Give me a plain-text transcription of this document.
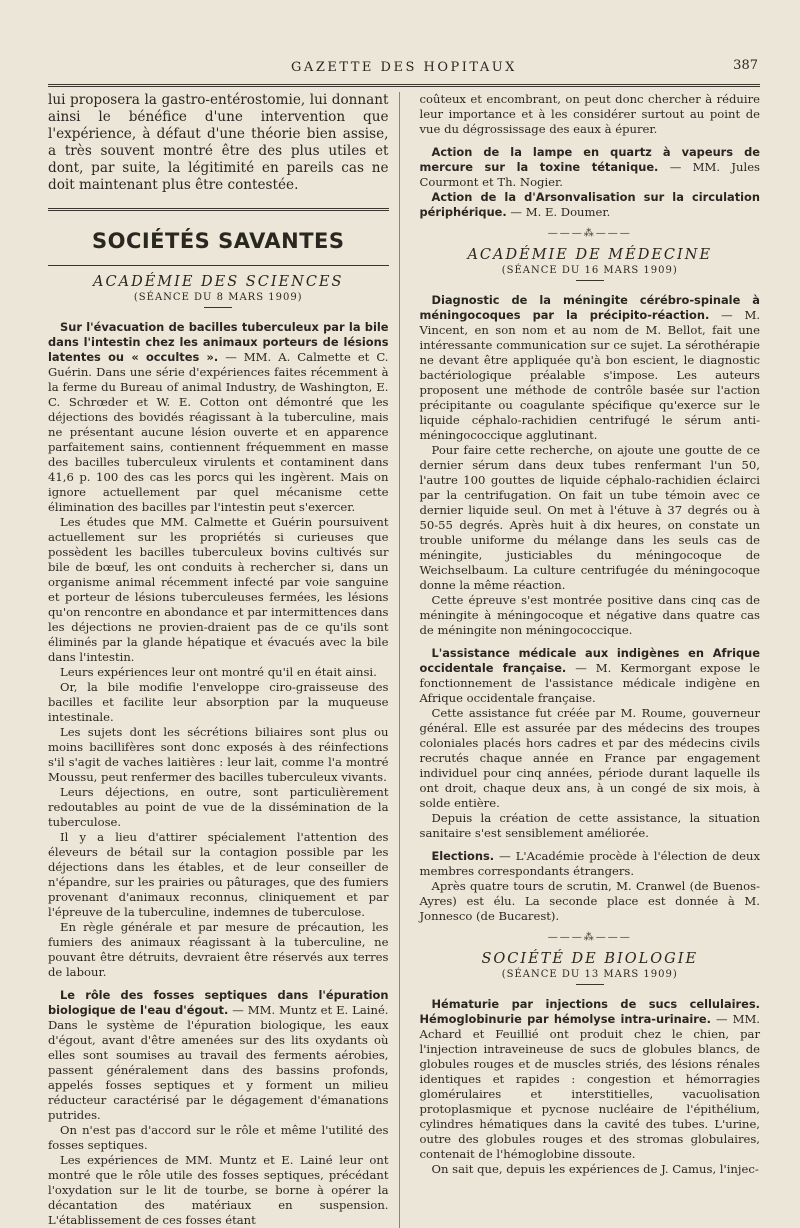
GAZETTE DES HOPITAUX	387

lui proposera la gastro-entérostomie, lui donnant ainsi le bénéfice d'une intervention que l'expérience, à défaut d'une théorie bien assise, a très souvent montré être des plus utiles et dont, par suite, la légitimité en pareils cas ne doit maintenant plus être contestée.

SOCIÉTÉS SAVANTES
ACADÉMIE DES SCIENCES
(SÉANCE DU 8 MARS 1909)

Sur l'évacuation de bacilles tuberculeux par la bile dans l'intestin chez les animaux porteurs de lésions latentes ou « occultes ». — MM. A. Calmette et C. Guérin. Dans une série d'expériences faites récemment à la ferme du Bureau of animal Industry, de Washington, E. C. Schrœder et W. E. Cotton ont démontré que les déjections des bovidés réagissant à la tuberculine, mais ne présentant aucune lésion ouverte et en apparence parfaitement sains, contiennent fréquemment en masse des bacilles tuberculeux virulents et contaminent dans 41,6 p. 100 des cas les porcs qui les ingèrent. Mais on ignore actuellement par quel mécanisme cette élimination des bacilles par l'intestin peut s'exercer.

Les études que MM. Calmette et Guérin poursuivent actuellement sur les propriétés si curieuses que possèdent les bacilles tuberculeux bovins cultivés sur bile de bœuf, les ont conduits à rechercher si, dans un organisme animal récemment infecté par voie sanguine et porteur de lésions tuberculeuses fermées, les lésions qu'on rencontre en abondance et par intermittences dans les déjections ne provien-draient pas de ce qu'ils sont éliminés par la glande hépatique et évacués avec la bile dans l'intestin.

Leurs expériences leur ont montré qu'il en était ainsi.

Or, la bile modifie l'enveloppe ciro-graisseuse des bacilles et facilite leur absorption par la muqueuse intestinale.

Les sujets dont les sécrétions biliaires sont plus ou moins bacillifères sont donc exposés à des réinfections s'il s'agit de vaches laitières : leur lait, comme l'a montré Moussu, peut renfermer des bacilles tuberculeux vivants.

Leurs déjections, en outre, sont particulièrement redoutables au point de vue de la dissémination de la tuberculose.

Il y a lieu d'attirer spécialement l'attention des éleveurs de bétail sur la contagion possible par les déjections dans les étables, et de leur conseiller de n'épandre, sur les prairies ou pâturages, que des fumiers provenant d'animaux reconnus, cliniquement et par l'épreuve de la tuberculine, indemnes de tuberculose.

En règle générale et par mesure de précaution, les fumiers des animaux réagissant à la tuberculine, ne pouvant être détruits, devraient être réservés aux terres de labour.

Le rôle des fosses septiques dans l'épuration biologique de l'eau d'égout. — MM. Muntz et E. Lainé. Dans le système de l'épuration biologique, les eaux d'égout, avant d'être amenées sur des lits oxydants où elles sont soumises au travail des ferments aérobies, passent généralement dans des bassins profonds, appelés fosses septiques et y forment un milieu réducteur caractérisé par le dégagement d'émanations putrides.

On n'est pas d'accord sur le rôle et même l'utilité des fosses septiques.

Les expériences de MM. Muntz et E. Lainé leur ont montré que le rôle utile des fosses septiques, précédant l'oxydation sur le lit de tourbe, se borne à opérer la décantation des matériaux en suspension. L'établissement de ces fosses étant

coûteux et encombrant, on peut donc chercher à réduire leur importance et à les considérer surtout au point de vue du dégrossissage des eaux à épurer.

Action de la lampe en quartz à vapeurs de mercure sur la toxine tétanique. — MM. Jules Courmont et Th. Nogier.

Action de la d'Arsonvalisation sur la circulation périphérique. — M. E. Doumer.

———⁂———
ACADÉMIE DE MÉDECINE
(SÉANCE DU 16 MARS 1909)

Diagnostic de la méningite cérébro-spinale à méningocoques par la précipito-réaction. — M. Vincent, en son nom et au nom de M. Bellot, fait une intéressante communication sur ce sujet. La sérothérapie ne devant être appliquée qu'à bon escient, le diagnostic bactériologique préalable s'impose. Les auteurs proposent une méthode de contrôle basée sur l'action précipitante ou coagulante spécifique qu'exerce sur le liquide céphalo-rachidien centrifugé le sérum anti-méningococcique agglutinant.

Pour faire cette recherche, on ajoute une goutte de ce dernier sérum dans deux tubes renfermant l'un 50, l'autre 100 gouttes de liquide céphalo-rachidien éclairci par la centrifugation. On fait un tube témoin avec ce dernier liquide seul. On met à l'étuve à 37 degrés ou à 50-55 degrés. Après huit à dix heures, on constate un trouble uniforme du mélange dans les seuls cas de méningite, justiciables du méningocoque de Weichselbaum. La culture centrifugée du méningocoque donne la même réaction.

Cette épreuve s'est montrée positive dans cinq cas de méningite à méningocoque et négative dans quatre cas de méningite non méningococcique.

L'assistance médicale aux indigènes en Afrique occidentale française. — M. Kermorgant expose le fonctionnement de l'assistance médicale indigène en Afrique occidentale française.

Cette assistance fut créée par M. Roume, gouverneur général. Elle est assurée par des médecins des troupes coloniales placés hors cadres et par des médecins civils recrutés chaque année en France par engagement individuel pour cinq années, période durant laquelle ils ont droit, chaque deux ans, à un congé de six mois, à solde entière.

Depuis la création de cette assistance, la situation sanitaire s'est sensiblement améliorée.

Elections. — L'Académie procède à l'élection de deux membres correspondants étrangers.

Après quatre tours de scrutin, M. Cranwel (de Buenos-Ayres) est élu. La seconde place est donnée à M. Jonnesco (de Bucarest).

———⁂———
SOCIÉTÉ DE BIOLOGIE
(SÉANCE DU 13 MARS 1909)

Hématurie par injections de sucs cellulaires. Hémoglobinurie par hémolyse intra-urinaire. — MM. Achard et Feuillié ont produit chez le chien, par l'injection intraveineuse de sucs de globules blancs, de globules rouges et de muscles striés, des lésions rénales identiques et rapides : congestion et hémorragies glomérulaires et interstitielles, vacuolisation protoplasmique et pycnose nucléaire de l'épithélium, cylindres hématiques dans la cavité des tubes. L'urine, outre des globules rouges et des stromas globulaires, contenait de l'hémoglobine dissoute.

On sait que, depuis les expériences de J. Camus, l'injec-
